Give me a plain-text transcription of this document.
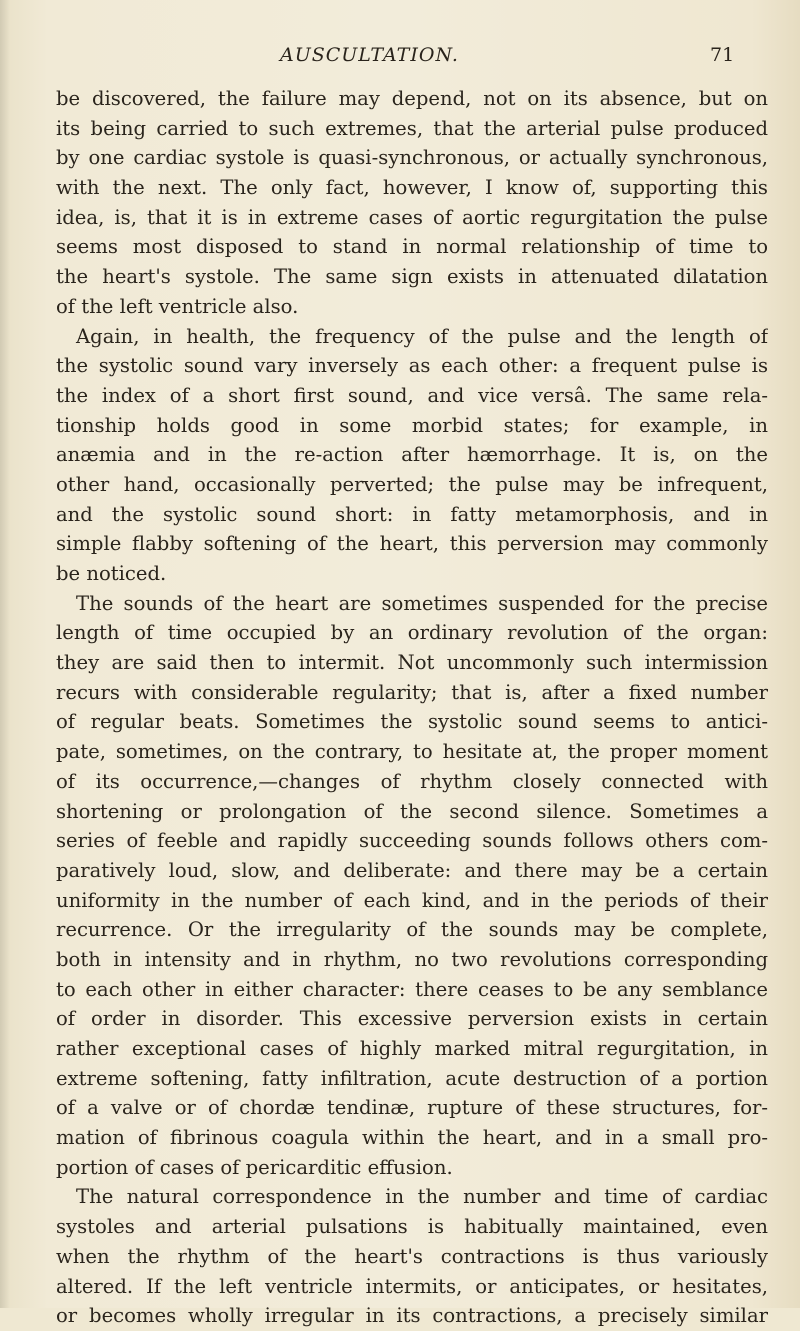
AUSCULTATION.	71
be discovered, the failure may depend, not on its absence, but on
its being carried to such extremes, that the arterial pulse produced
by one cardiac systole is quasi-synchronous, or actually synchronous,
with the next. The only fact, however, I know of, supporting this
idea, is, that it is in extreme cases of aortic regurgitation the pulse
seems most disposed to stand in normal relationship of time to
the heart's systole. The same sign exists in attenuated dilatation
of the left ventricle also.
Again, in health, the frequency of the pulse and the length of
the systolic sound vary inversely as each other: a frequent pulse is
the index of a short first sound, and vice versâ. The same rela-
tionship holds good in some morbid states; for example, in
anæmia and in the re-action after hæmorrhage. It is, on the
other hand, occasionally perverted; the pulse may be infrequent,
and the systolic sound short: in fatty metamorphosis, and in
simple flabby softening of the heart, this perversion may commonly
be noticed.
The sounds of the heart are sometimes suspended for the precise
length of time occupied by an ordinary revolution of the organ:
they are said then to intermit. Not uncommonly such intermission
recurs with considerable regularity; that is, after a fixed number
of regular beats. Sometimes the systolic sound seems to antici-
pate, sometimes, on the contrary, to hesitate at, the proper moment
of its occurrence,—changes of rhythm closely connected with
shortening or prolongation of the second silence. Sometimes a
series of feeble and rapidly succeeding sounds follows others com-
paratively loud, slow, and deliberate: and there may be a certain
uniformity in the number of each kind, and in the periods of their
recurrence. Or the irregularity of the sounds may be complete,
both in intensity and in rhythm, no two revolutions corresponding
to each other in either character: there ceases to be any semblance
of order in disorder. This excessive perversion exists in certain
rather exceptional cases of highly marked mitral regurgitation, in
extreme softening, fatty infiltration, acute destruction of a portion
of a valve or of chordæ tendinæ, rupture of these structures, for-
mation of fibrinous coagula within the heart, and in a small pro-
portion of cases of pericarditic effusion.
The natural correspondence in the number and time of cardiac
systoles and arterial pulsations is habitually maintained, even
when the rhythm of the heart's contractions is thus variously
altered. If the left ventricle intermits, or anticipates, or hesitates,
or becomes wholly irregular in its contractions, a precisely similar
